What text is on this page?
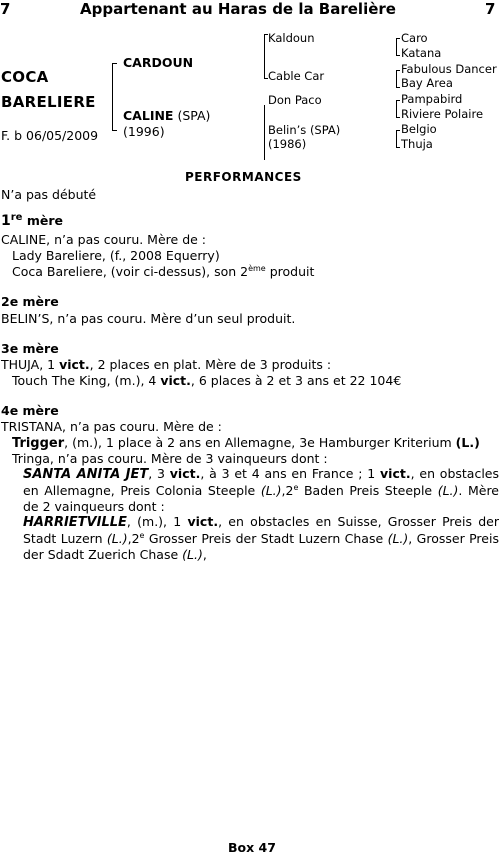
7	Appartenant au Haras de la Barelière	7
COCA
BARELIERE
F. b 06/05/2009
CARDOUN
CALINE (SPA)
(1996)
Kaldoun
Cable Car
Don Paco
Belin’s (SPA)
(1986)
Caro
Katana
Fabulous Dancer
Bay Area
Pampabird
Riviere Polaire
Belgio
Thuja
PERFORMANCES
N’a pas débuté
1re mère
CALINE, n’a pas couru. Mère de :
Lady Bareliere, (f., 2008 Equerry)
Coca Bareliere, (voir ci-dessus), son 2ème produit
2e mère
BELIN’S, n’a pas couru. Mère d’un seul produit.
3e mère
THUJA, 1 vict., 2 places en plat. Mère de 3 produits :
Touch The King, (m.), 4 vict., 6 places à 2 et 3 ans et 22 104€
4e mère
TRISTANA, n’a pas couru. Mère de :
Trigger, (m.), 1 place à 2 ans en Allemagne, 3e Hamburger Kriterium (L.)
Tringa, n’a pas couru. Mère de 3 vainqueurs dont :
SANTA ANITA JET, 3 vict., à 3 et 4 ans en France ; 1 vict., en obstacles en Allemagne, Preis Colonia Steeple (L.),2e Baden Preis Steeple (L.). Mère de 2 vainqueurs dont :
HARRIETVILLE, (m.), 1 vict., en obstacles en Suisse, Grosser Preis der Stadt Luzern (L.),2e Grosser Preis der Stadt Luzern Chase (L.), Grosser Preis der Sdadt Zuerich Chase (L.),
Box 47
